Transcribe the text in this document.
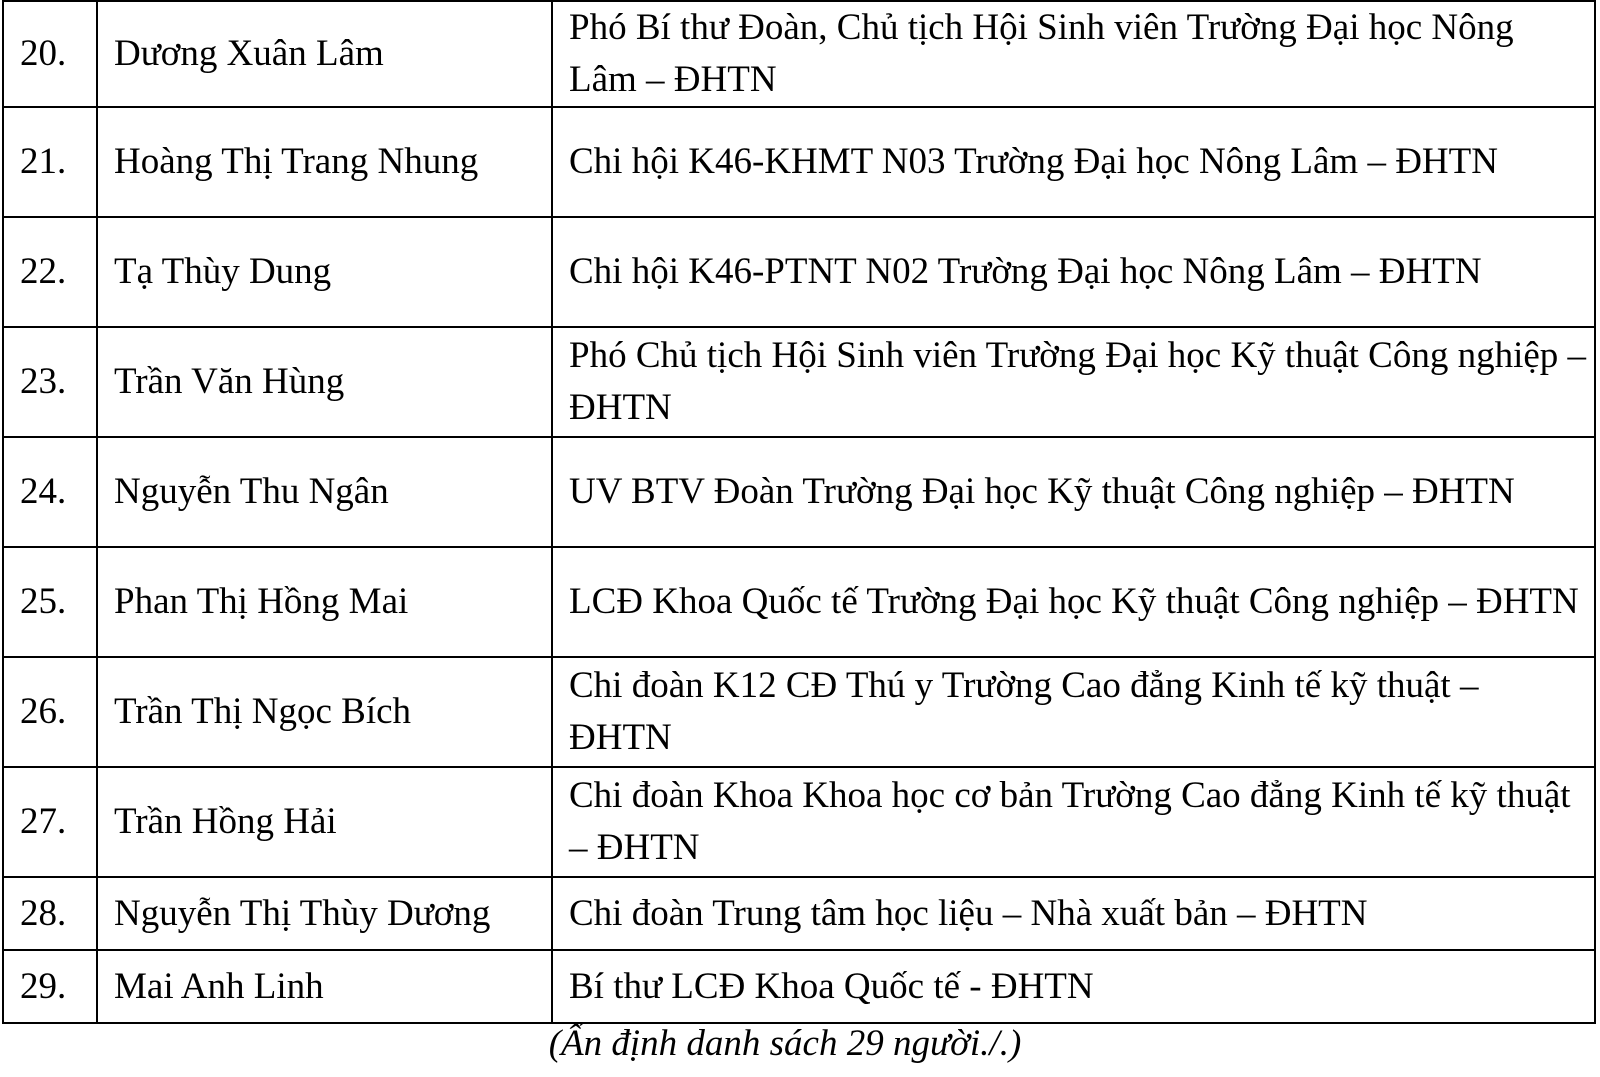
20.	Dương Xuân Lâm	Phó Bí thư Đoàn, Chủ tịch Hội Sinh viên Trường Đại học Nông Lâm – ĐHTN
21.	Hoàng Thị Trang Nhung	Chi hội K46-KHMT N03 Trường Đại học Nông Lâm – ĐHTN
22.	Tạ Thùy Dung	Chi hội K46-PTNT N02 Trường Đại học Nông Lâm – ĐHTN
23.	Trần Văn Hùng	Phó Chủ tịch Hội Sinh viên Trường Đại học Kỹ thuật Công nghiệp – ĐHTN
24.	Nguyễn Thu Ngân	UV BTV Đoàn Trường Đại học Kỹ thuật Công nghiệp – ĐHTN
25.	Phan Thị Hồng Mai	LCĐ Khoa Quốc tế Trường Đại học Kỹ thuật Công nghiệp – ĐHTN
26.	Trần Thị Ngọc Bích	Chi đoàn K12 CĐ Thú y Trường Cao đẳng Kinh tế kỹ thuật – ĐHTN
27.	Trần Hồng Hải	Chi đoàn Khoa Khoa học cơ bản Trường Cao đẳng Kinh tế kỹ thuật – ĐHTN
28.	Nguyễn Thị Thùy Dương	Chi đoàn Trung tâm học liệu – Nhà xuất bản – ĐHTN
29.	Mai Anh Linh	Bí thư LCĐ Khoa Quốc tế - ĐHTN
(Ấn định danh sách 29 người./.)
